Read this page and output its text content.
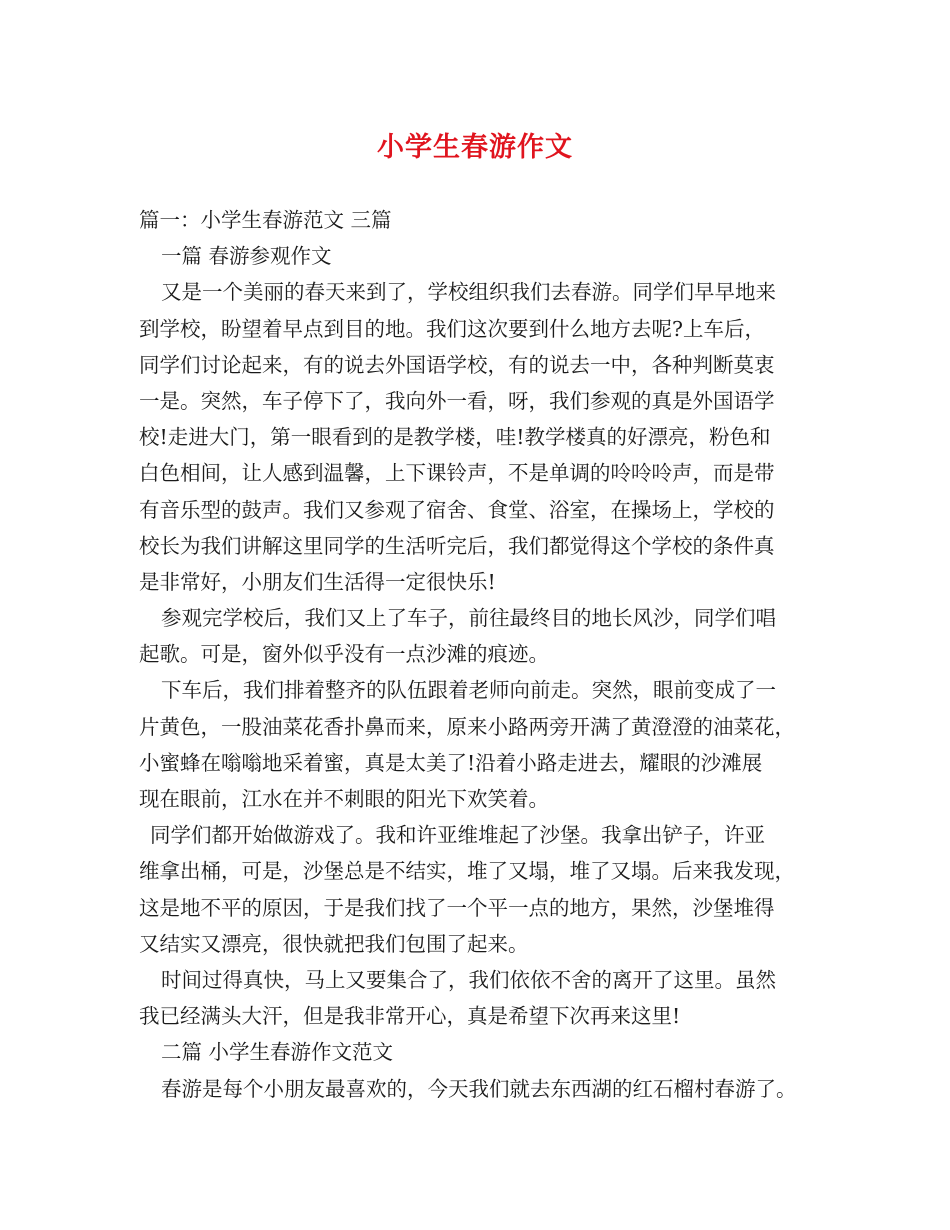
小学生春游作文
篇一：小学生春游范文 三篇
一篇 春游参观作文
又是一个美丽的春天来到了，学校组织我们去春游。同学们早早地来
到学校，盼望着早点到目的地。我们这次要到什么地方去呢?上车后，
同学们讨论起来，有的说去外国语学校，有的说去一中，各种判断莫衷
一是。突然，车子停下了，我向外一看，呀，我们参观的真是外国语学
校!走进大门，第一眼看到的是教学楼，哇!教学楼真的好漂亮，粉色和
白色相间，让人感到温馨，上下课铃声，不是单调的呤呤呤声，而是带
有音乐型的鼓声。我们又参观了宿舍、食堂、浴室，在操场上，学校的
校长为我们讲解这里同学的生活听完后，我们都觉得这个学校的条件真
是非常好，小朋友们生活得一定很快乐!
参观完学校后，我们又上了车子，前往最终目的地长风沙，同学们唱
起歌。可是，窗外似乎没有一点沙滩的痕迹。
下车后，我们排着整齐的队伍跟着老师向前走。突然，眼前变成了一
片黄色，一股油菜花香扑鼻而来，原来小路两旁开满了黄澄澄的油菜花，
小蜜蜂在嗡嗡地采着蜜，真是太美了!沿着小路走进去，耀眼的沙滩展
现在眼前，江水在并不刺眼的阳光下欢笑着。
同学们都开始做游戏了。我和许亚维堆起了沙堡。我拿出铲子，许亚
维拿出桶，可是，沙堡总是不结实，堆了又塌，堆了又塌。后来我发现，
这是地不平的原因，于是我们找了一个平一点的地方，果然，沙堡堆得
又结实又漂亮，很快就把我们包围了起来。
时间过得真快，马上又要集合了，我们依依不舍的离开了这里。虽然
我已经满头大汗，但是我非常开心，真是希望下次再来这里!
二篇 小学生春游作文范文
春游是每个小朋友最喜欢的，今天我们就去东西湖的红石榴村春游了。
